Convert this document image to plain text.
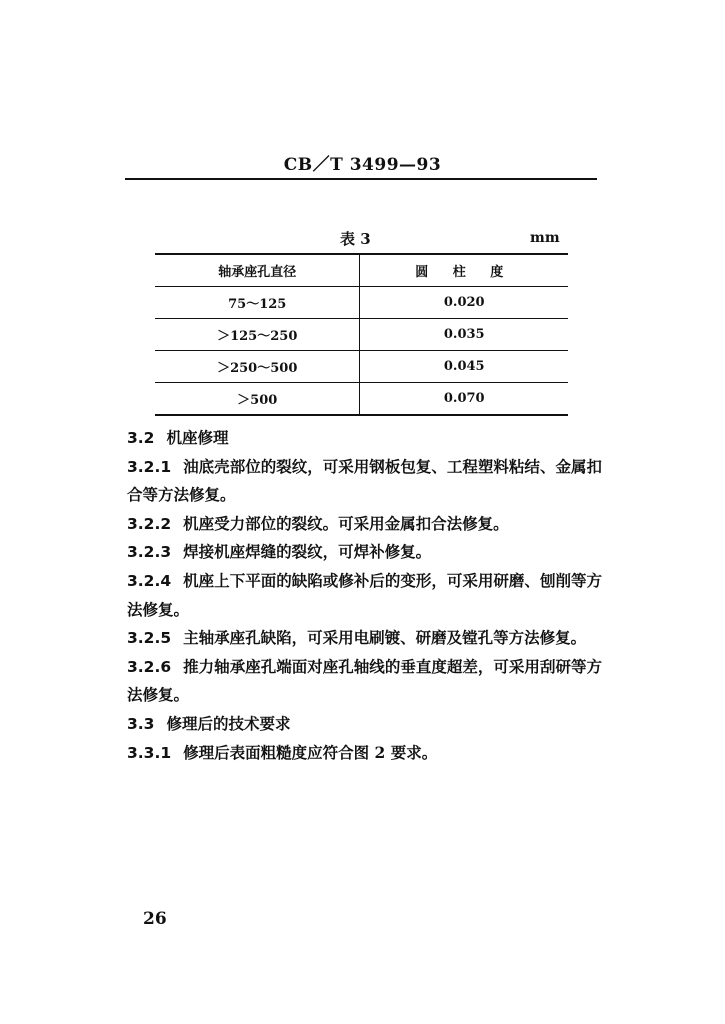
CB／T 3499—93
表 3	mm
轴承座孔直径	圆 柱 度
75～125	0.020
＞125～250	0.035
＞250～500	0.045
＞500	0.070

3.2 机座修理

3.2.1 油底壳部位的裂纹，可采用钢板包复、工程塑料粘结、金属扣合等方法修复。

3.2.2 机座受力部位的裂纹。可采用金属扣合法修复。

3.2.3 焊接机座焊缝的裂纹，可焊补修复。

3.2.4 机座上下平面的缺陷或修补后的变形，可采用研磨、刨削等方法修复。

3.2.5 主轴承座孔缺陷，可采用电刷镀、研磨及镗孔等方法修复。

3.2.6 推力轴承座孔端面对座孔轴线的垂直度超差，可采用刮研等方法修复。

3.3 修理后的技术要求

3.3.1 修理后表面粗糙度应符合图 2 要求。

26
